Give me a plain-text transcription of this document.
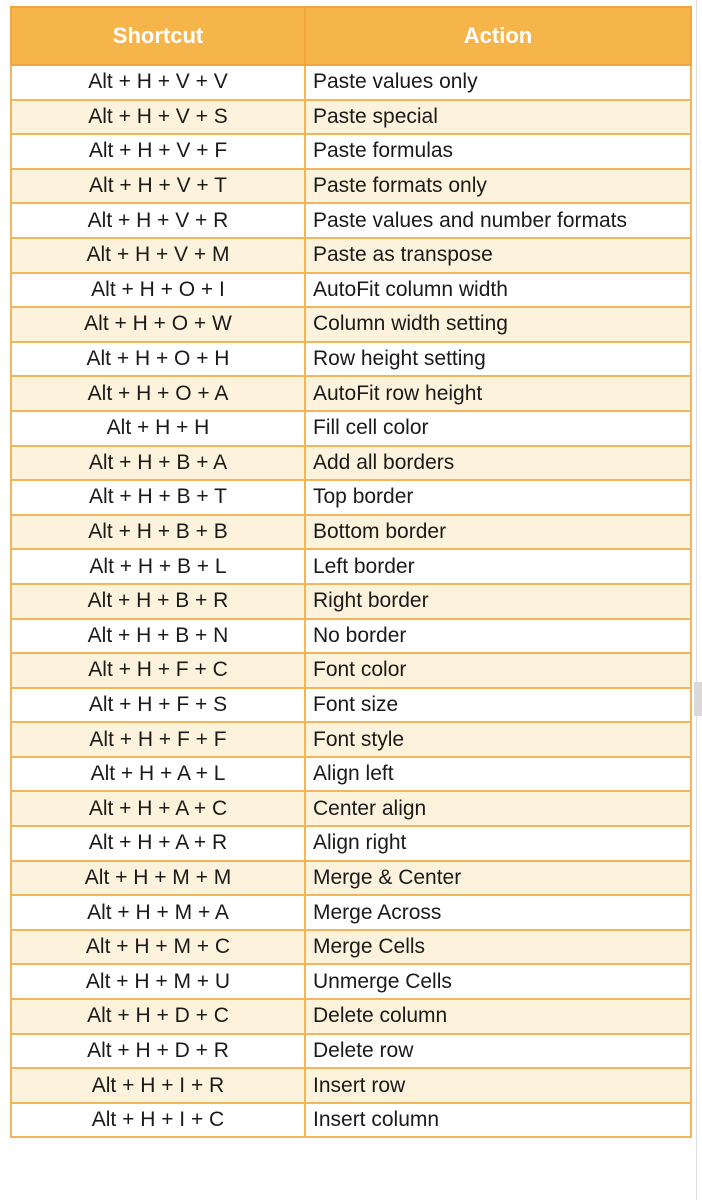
Shortcut	Action
Alt + H + V + V	Paste values only
Alt + H + V + S	Paste special
Alt + H + V + F	Paste formulas
Alt + H + V + T	Paste formats only
Alt + H + V + R	Paste values and number formats
Alt + H + V + M	Paste as transpose
Alt + H + O + I	AutoFit column width
Alt + H + O + W	Column width setting
Alt + H + O + H	Row height setting
Alt + H + O + A	AutoFit row height
Alt + H + H	Fill cell color
Alt + H + B + A	Add all borders
Alt + H + B + T	Top border
Alt + H + B + B	Bottom border
Alt + H + B + L	Left border
Alt + H + B + R	Right border
Alt + H + B + N	No border
Alt + H + F + C	Font color
Alt + H + F + S	Font size
Alt + H + F + F	Font style
Alt + H + A + L	Align left
Alt + H + A + C	Center align
Alt + H + A + R	Align right
Alt + H + M + M	Merge & Center
Alt + H + M + A	Merge Across
Alt + H + M + C	Merge Cells
Alt + H + M + U	Unmerge Cells
Alt + H + D + C	Delete column
Alt + H + D + R	Delete row
Alt + H + I + R	Insert row
Alt + H + I + C	Insert column
